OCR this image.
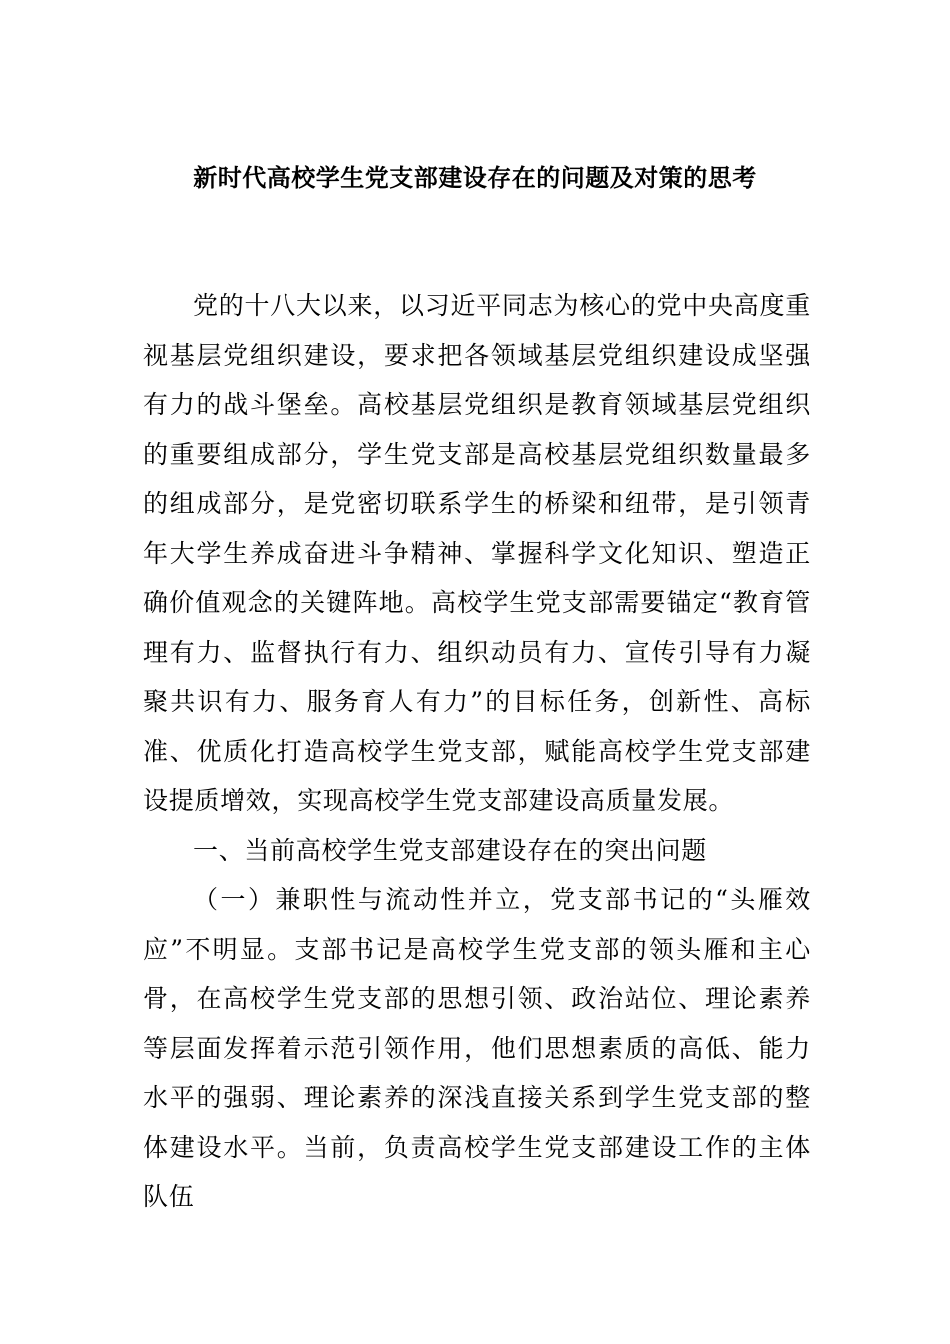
新时代高校学生党支部建设存在的问题及对策的思考

党的十八大以来，以习近平同志为核心的党中央高度重视基层党组织建设，要求把各领域基层党组织建设成坚强有力的战斗堡垒。高校基层党组织是教育领域基层党组织的重要组成部分，学生党支部是高校基层党组织数量最多的组成部分，是党密切联系学生的桥梁和纽带，是引领青年大学生养成奋进斗争精神、掌握科学文化知识、塑造正确价值观念的关键阵地。高校学生党支部需要锚定“教育管理有力、监督执行有力、组织动员有力、宣传引导有力凝聚共识有力、服务育人有力”的目标任务，创新性、高标准、优质化打造高校学生党支部，赋能高校学生党支部建设提质增效，实现高校学生党支部建设高质量发展。

一、当前高校学生党支部建设存在的突出问题

（一）兼职性与流动性并立，党支部书记的“头雁效应”不明显。支部书记是高校学生党支部的领头雁和主心骨，在高校学生党支部的思想引领、政治站位、理论素养等层面发挥着示范引领作用，他们思想素质的高低、能力水平的强弱、理论素养的深浅直接关系到学生党支部的整体建设水平。当前，负责高校学生党支部建设工作的主体队伍
